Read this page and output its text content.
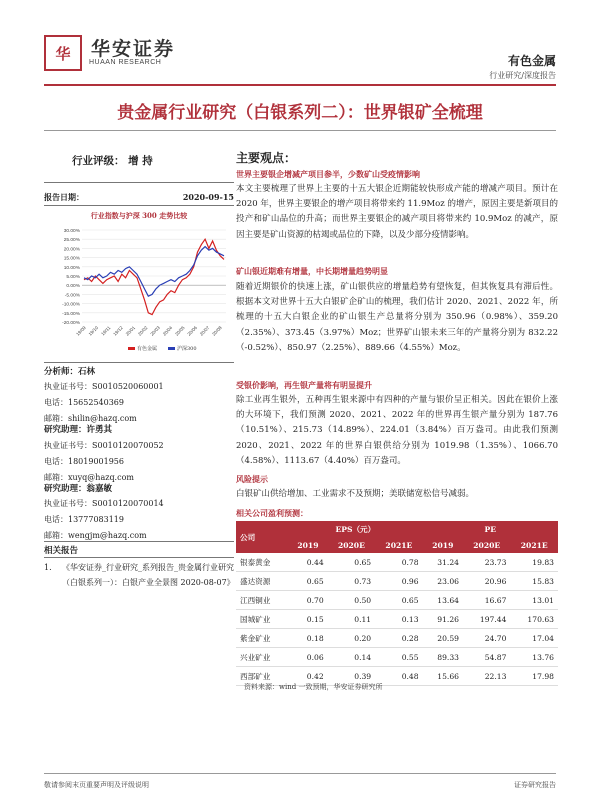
华	华安证券
HUAAN RESEARCH	有色金属
行业研究/深度报告
贵金属行业研究（白银系列二）：世界银矿全梳理
行业评级： 增 持
报告日期：	2020-09-15
行业指数与沪深 300 走势比较
30.00%
25.00%
20.00%
15.00%
10.00%
5.00%
0.00%
-5.00%
-10.00%
-15.00%
-20.00%
19/09 19/10 19/11 19/12 20/01 20/02 20/03 20/04 20/05 20/06 20/07 20/08
有色金属	沪深300
分析师：石林
执业证书号：S0010520060001
电话：15652540369
邮箱：shilin@hazq.com
研究助理：许勇其
执业证书号：S0010120070052
电话：18019001956
邮箱：xuyq@hazq.com
研究助理：翁嘉敏
执业证书号：S0010120070014
电话：13777083119
邮箱：wengjm@hazq.com
相关报告
1. 《华安证券_行业研究_系列报告_贵金属行业研究（白银系列一）：白银产业全景图 2020-08-07》
主要观点：
世界主要银企增减产项目参半，少数矿山受疫情影响
本文主要梳理了世界上主要的十五大银企近期能较快形成产能的增减产项目。预计在 2020 年，世界主要银企的增产项目将带来约 11.9Moz 的增产，原因主要是新项目的投产和矿山品位的升高；而世界主要银企的减产项目将带来约 10.9Moz 的减产，原因主要是矿山资源的枯竭或品位的下降，以及少部分疫情影响。
矿山银近期难有增量，中长期增量趋势明显
随着近期银价的快速上涨，矿山银供应的增量趋势有望恢复，但其恢复具有滞后性。根据本文对世界十五大白银矿企矿山的梳理，我们估计 2020、2021、2022 年，所梳理的十五大白银企业的矿山银生产总量将分别为 350.96（0.98%）、359.20（2.35%）、373.45（3.97%）Moz；世界矿山银未来三年的产量将分别为 832.22（-0.52%）、850.97（2.25%）、889.66（4.55%）Moz。
受银价影响，再生银产量将有明显提升
除工业再生银外，五种再生银来源中有四种的产量与银价呈正相关。因此在银价上涨的大环境下，我们预测 2020、2021、2022 年的世界再生银产量分别为 187.76（10.51%）、215.73（14.89%）、224.01（3.84%）百万盎司。由此我们预测 2020、2021、2022 年的世界白银供给分别为 1019.98（1.35%）、1066.70（4.58%）、1113.67（4.40%）百万盎司。
风险提示
白银矿山供给增加、工业需求不及预期；美联储宽松信号减弱。
相关公司盈利预测：
公司	EPS（元）			PE		
	2019	2020E	2021E	2019	2020E	2021E
银泰黄金	0.44	0.65	0.78	31.24	23.73	19.83
盛达资源	0.65	0.73	0.96	23.06	20.96	15.83
江西铜业	0.70	0.50	0.65	13.64	16.67	13.01
国城矿业	0.15	0.11	0.13	91.26	197.44	170.63
紫金矿业	0.18	0.20	0.28	20.59	24.70	17.04
兴业矿业	0.06	0.14	0.55	89.33	54.87	13.76
西部矿业	0.42	0.39	0.48	15.66	22.13	17.98
资料来源：wind 一致预期，华安证券研究所
敬请参阅末页重要声明及评级说明	证券研究报告
